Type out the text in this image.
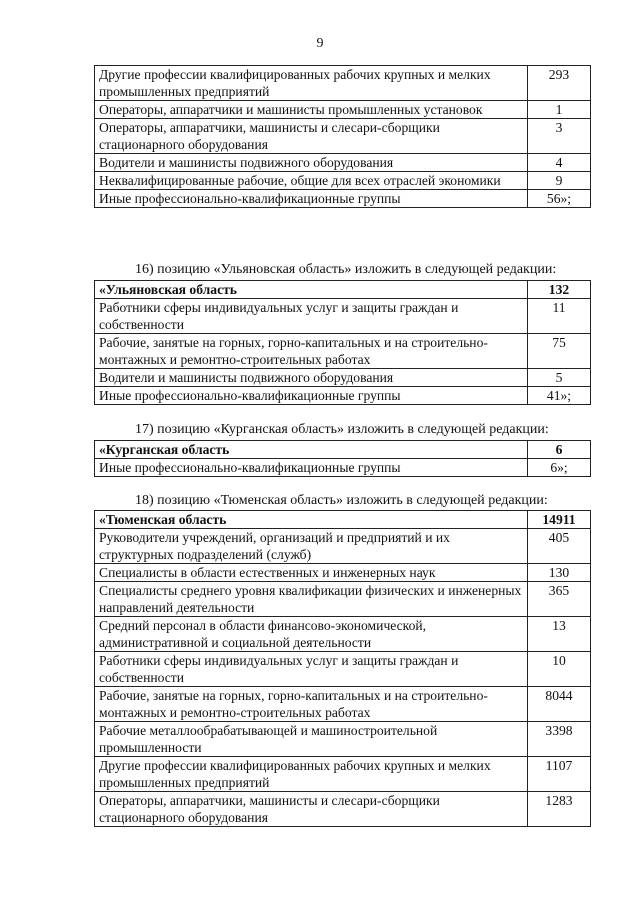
9
Другие профессии квалифицированных рабочих крупных и мелких промышленных предприятий	293
Операторы, аппаратчики и машинисты промышленных установок	1
Операторы, аппаратчики, машинисты и слесари-сборщики стационарного оборудования	3
Водители и машинисты подвижного оборудования	4
Неквалифицированные рабочие, общие для всех отраслей экономики	9
Иные профессионально-квалификационные группы	56»;
16) позицию «Ульяновская область» изложить в следующей редакции:
«Ульяновская область	132
Работники сферы индивидуальных услуг и защиты граждан и собственности	11
Рабочие, занятые на горных, горно-капитальных и на строительно-монтажных и ремонтно-строительных работах	75
Водители и машинисты подвижного оборудования	5
Иные профессионально-квалификационные группы	41»;
17) позицию «Курганская область» изложить в следующей редакции:
«Курганская область	6
Иные профессионально-квалификационные группы	6»;
18) позицию «Тюменская область» изложить в следующей редакции:
«Тюменская область	14911
Руководители учреждений, организаций и предприятий и их структурных подразделений (служб)	405
Специалисты в области естественных и инженерных наук	130
Специалисты среднего уровня квалификации физических и инженерных направлений деятельности	365
Средний персонал в области финансово-экономической, административной и социальной деятельности	13
Работники сферы индивидуальных услуг и защиты граждан и собственности	10
Рабочие, занятые на горных, горно-капитальных и на строительно-монтажных и ремонтно-строительных работах	8044
Рабочие металлообрабатывающей и машиностроительной промышленности	3398
Другие профессии квалифицированных рабочих крупных и мелких промышленных предприятий	1107
Операторы, аппаратчики, машинисты и слесари-сборщики стационарного оборудования	1283
